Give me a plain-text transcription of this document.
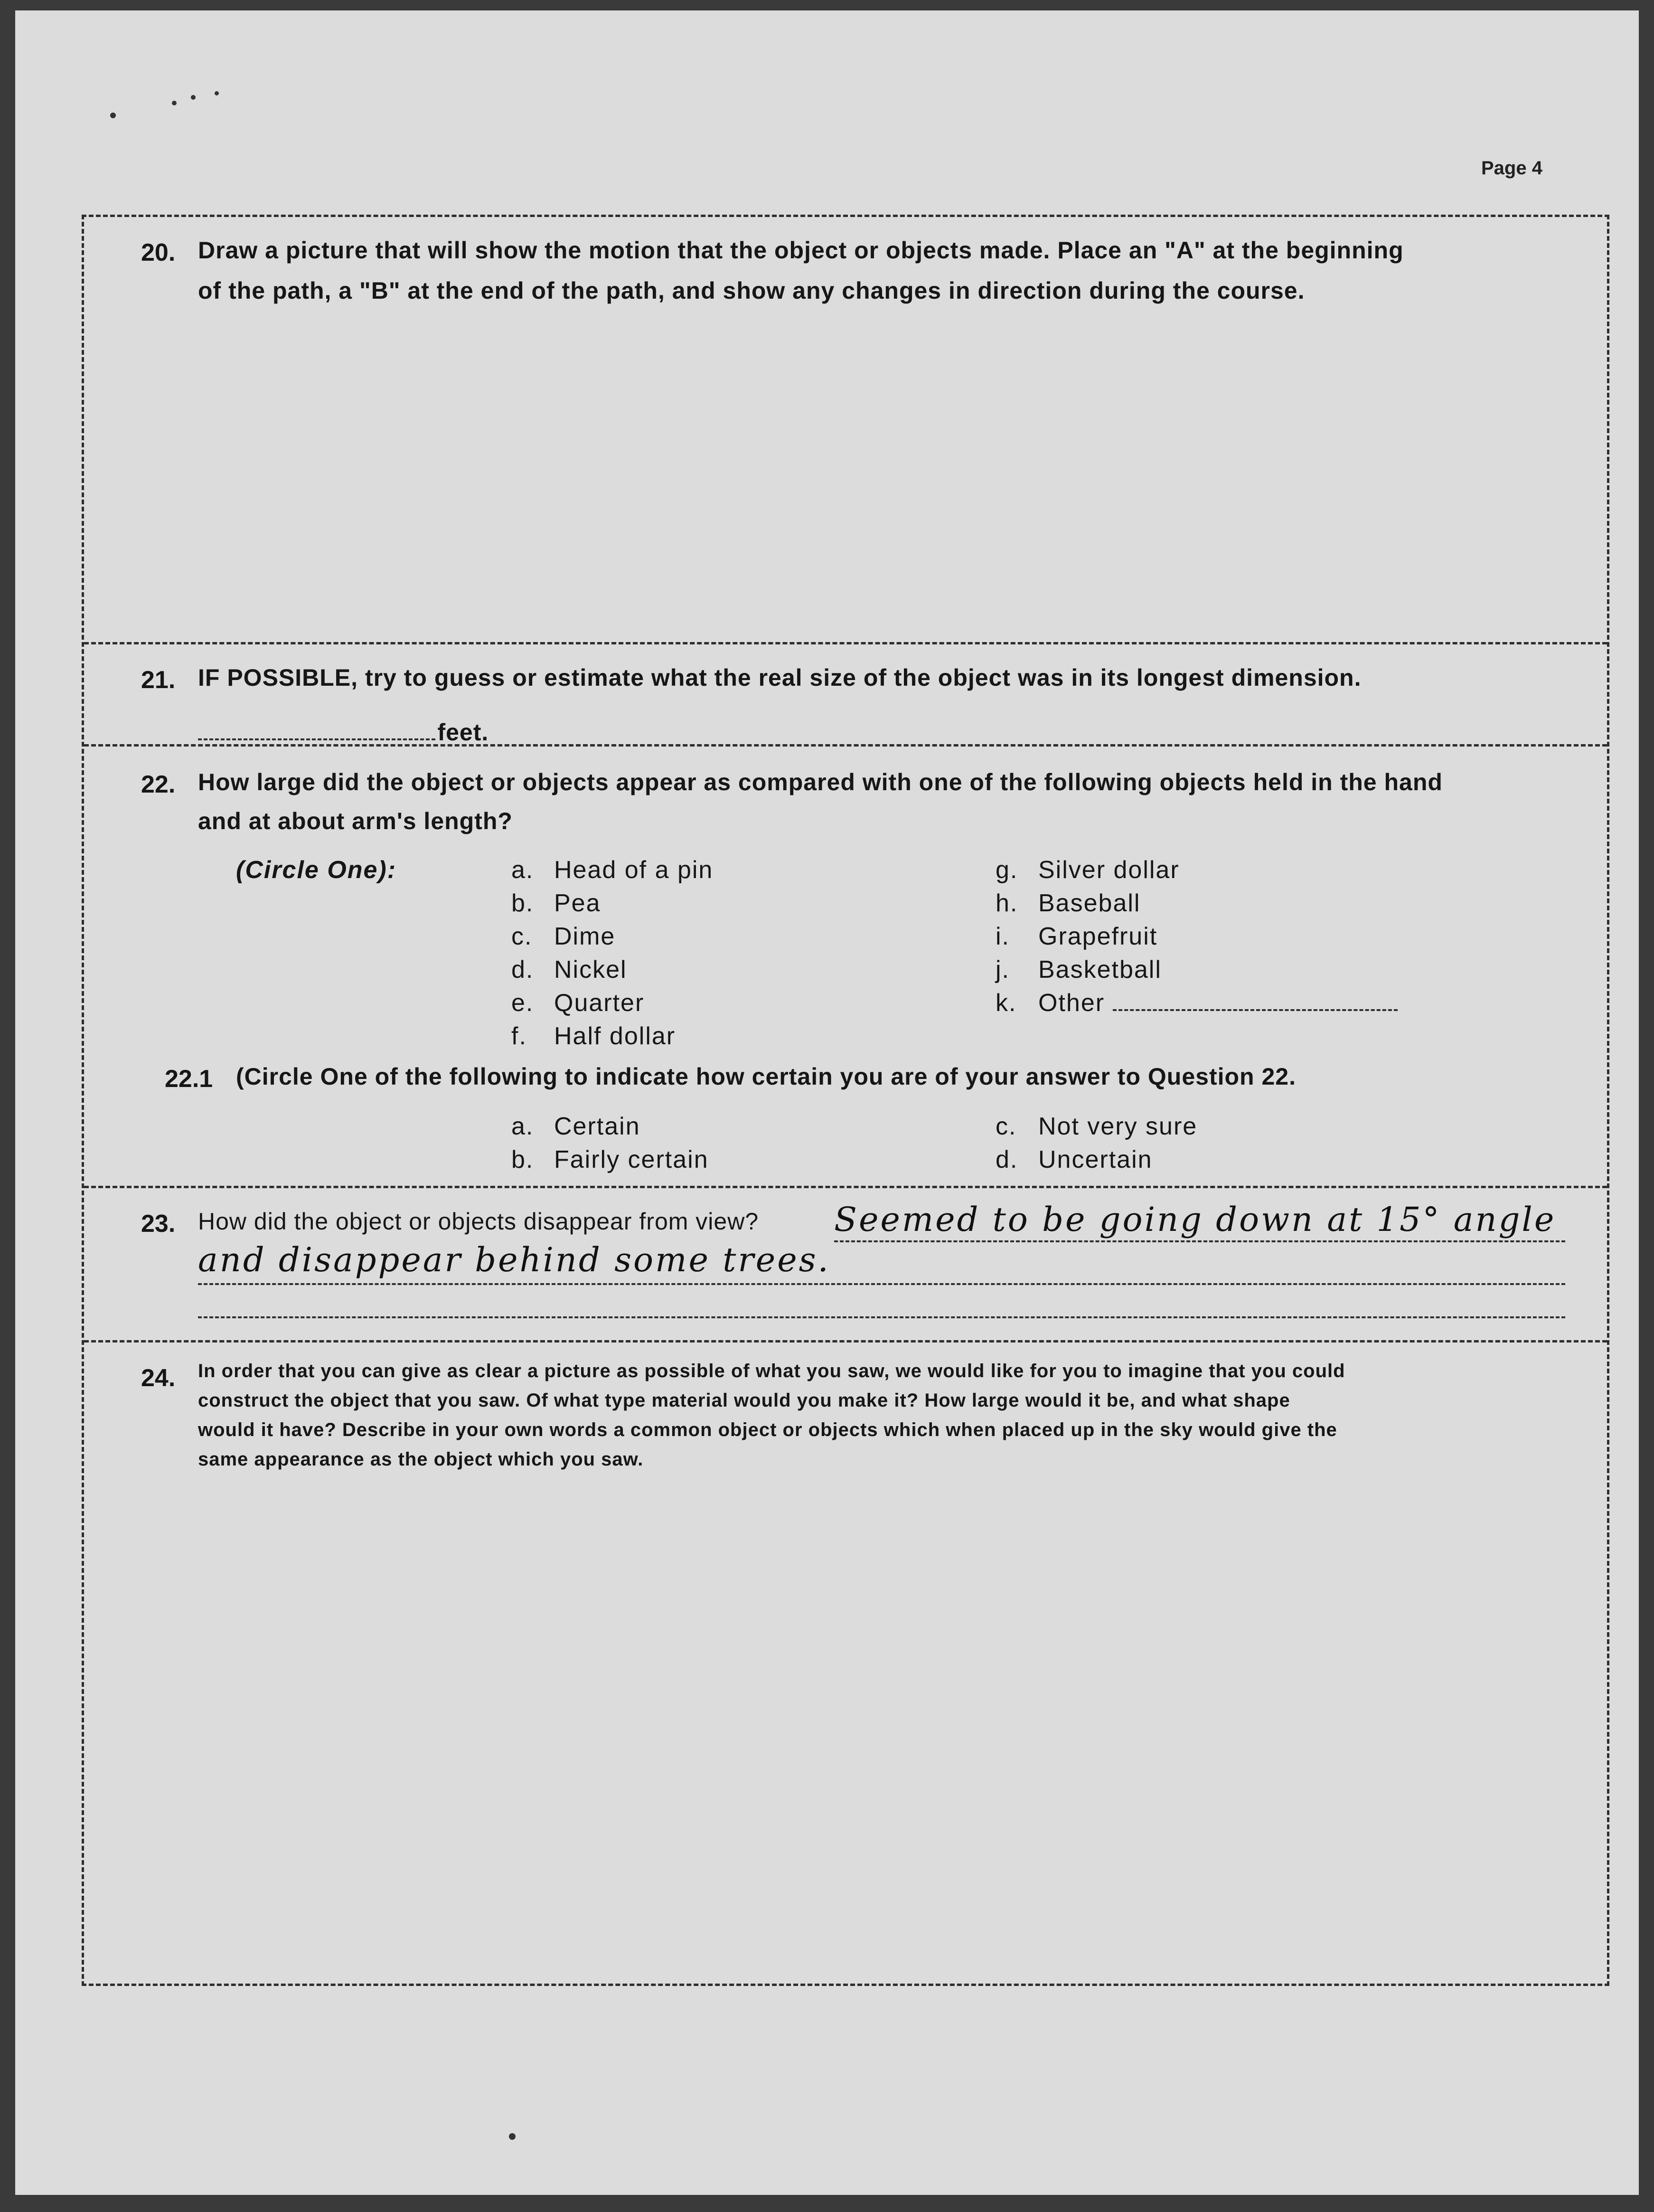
Page 4
20. Draw a picture that will show the motion that the object or objects made. Place an "A" at the beginning
of the path, a "B" at the end of the path, and show any changes in direction during the course.
21. IF POSSIBLE, try to guess or estimate what the real size of the object was in its longest dimension.
feet.
22. How large did the object or objects appear as compared with one of the following objects held in the hand
and at about arm's length?
(Circle One):	a. Head of a pin
b. Pea
c. Dime
d. Nickel
e. Quarter
f. Half dollar
g. Silver dollar
h. Baseball
i. Grapefruit
j. Basketball
k. Other
22.1 (Circle One of the following to indicate how certain you are of your answer to Question 22.
a. Certain
b. Fairly certain
c. Not very sure
d. Uncertain
23. How did the object or objects disappear from view? Seemed to be going down at 15° angle
and disappear behind some trees.
24. In order that you can give as clear a picture as possible of what you saw, we would like for you to imagine that you could
construct the object that you saw. Of what type material would you make it? How large would it be, and what shape
would it have? Describe in your own words a common object or objects which when placed up in the sky would give the
same appearance as the object which you saw.
